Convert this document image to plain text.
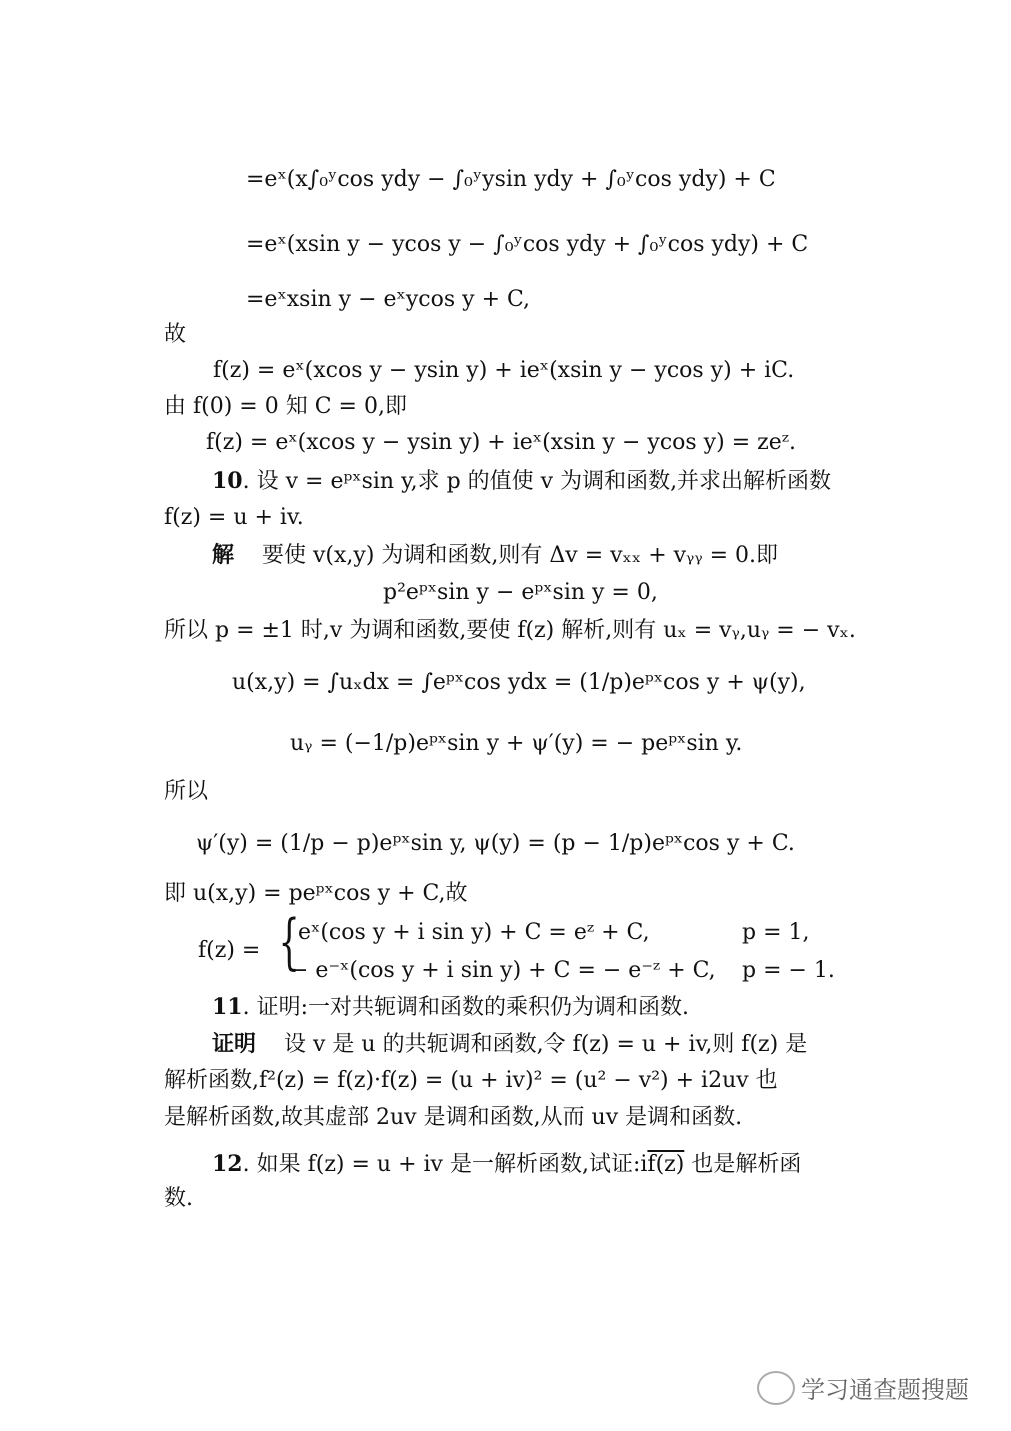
=eˣ(x∫₀ʸcos ydy − ∫₀ʸysin ydy + ∫₀ʸcos ydy) + C
=eˣ(xsin y − ycos y − ∫₀ʸcos ydy + ∫₀ʸcos ydy) + C
=eˣxsin y − eˣycos y + C,
故
f(z) = eˣ(xcos y − ysin y) + ieˣ(xsin y − ycos y) + iC.
由 f(0) = 0 知 C = 0,即
f(z) = eˣ(xcos y − ysin y) + ieˣ(xsin y − ycos y) = zeᶻ.
10. 设 v = eᵖˣsin y,求 p 的值使 v 为调和函数,并求出解析函数
f(z) = u + iv.
解 要使 v(x,y) 为调和函数,则有 Δv = vₓₓ + vᵧᵧ = 0.即
p²eᵖˣsin y − eᵖˣsin y = 0,
所以 p = ±1 时,v 为调和函数,要使 f(z) 解析,则有 uₓ = vᵧ,uᵧ = − vₓ.
u(x,y) = ∫uₓdx = ∫eᵖˣcos ydx = (1/p)eᵖˣcos y + ψ(y),
uᵧ = (−1/p)eᵖˣsin y + ψ′(y) = − peᵖˣsin y.
所以
ψ′(y) = (1/p − p)eᵖˣsin y, ψ(y) = (p − 1/p)eᵖˣcos y + C.
即 u(x,y) = peᵖˣcos y + C,故
f(z) = {
eˣ(cos y + i sin y) + C = eᶻ + C,	p = 1,
− e⁻ˣ(cos y + i sin y) + C = − e⁻ᶻ + C, p = − 1.
11. 证明:一对共轭调和函数的乘积仍为调和函数.
证明 设 v 是 u 的共轭调和函数,令 f(z) = u + iv,则 f(z) 是
解析函数,f²(z) = f(z)·f(z) = (u + iv)² = (u² − v²) + i2uv 也
是解析函数,故其虚部 2uv 是调和函数,从而 uv 是调和函数.
12. 如果 f(z) = u + iv 是一解析函数,试证:if(z) 也是解析函
数.
学习通查题搜题
